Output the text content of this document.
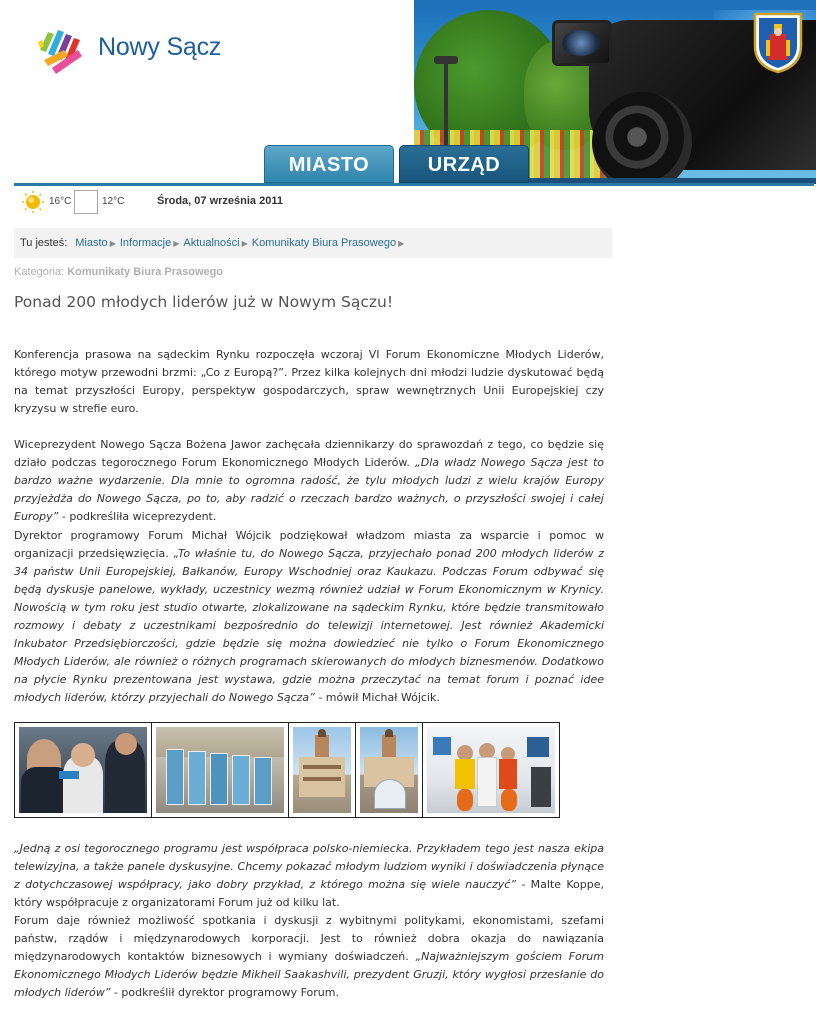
Nowy Sącz
MIASTO	URZĄD
16°C	12°C	Środa, 07 września 2011
Tu jesteś: Miasto ▶ Informacje ▶ Aktualności ▶ Komunikaty Biura Prasowego ▶
Kategoria: Komunikaty Biura Prasowego
Ponad 200 młodych liderów już w Nowym Sączu!
Konferencja prasowa na sądeckim Rynku rozpoczęła wczoraj VI Forum Ekonomiczne Młodych Liderów, którego motyw przewodni brzmi: „Co z Europą?”. Przez kilka kolejnych dni młodzi ludzie dyskutować będą na temat przyszłości Europy, perspektyw gospodarczych, spraw wewnętrznych Unii Europejskiej czy kryzysu w strefie euro.
Wiceprezydent Nowego Sącza Bożena Jawor zachęcała dziennikarzy do sprawozdań z tego, co będzie się działo podczas tegorocznego Forum Ekonomicznego Młodych Liderów. „Dla władz Nowego Sącza jest to bardzo ważne wydarzenie. Dla mnie to ogromna radość, że tylu młodych ludzi z wielu krajów Europy przyjeżdża do Nowego Sącza, po to, aby radzić o rzeczach bardzo ważnych, o przyszłości swojej i całej Europy” - podkreśliła wiceprezydent.
Dyrektor programowy Forum Michał Wójcik podziękował władzom miasta za wsparcie i pomoc w organizacji przedsięwzięcia. „To właśnie tu, do Nowego Sącza, przyjechało ponad 200 młodych liderów z 34 państw Unii Europejskiej, Bałkanów, Europy Wschodniej oraz Kaukazu. Podczas Forum odbywać się będą dyskusje panelowe, wykłady, uczestnicy wezmą również udział w Forum Ekonomicznym w Krynicy. Nowością w tym roku jest studio otwarte, zlokalizowane na sądeckim Rynku, które będzie transmitowało rozmowy i debaty z uczestnikami bezpośrednio do telewizji internetowej. Jest również Akademicki Inkubator Przedsiębiorczości, gdzie będzie się można dowiedzieć nie tylko o Forum Ekonomicznego Młodych Liderów, ale również o różnych programach skierowanych do młodych biznesmenów. Dodatkowo na płycie Rynku prezentowana jest wystawa, gdzie można przeczytać na temat forum i poznać idee młodych liderów, którzy przyjechali do Nowego Sącza” - mówił Michał Wójcik.
„Jedną z osi tegorocznego programu jest współpraca polsko-niemiecka. Przykładem tego jest nasza ekipa telewizyjna, a także panele dyskusyjne. Chcemy pokazać młodym ludziom wyniki i doświadczenia płynące z dotychczasowej współpracy, jako dobry przykład, z którego można się wiele nauczyć” - Malte Koppe, który współpracuje z organizatorami Forum już od kilku lat.
Forum daje również możliwość spotkania i dyskusji z wybitnymi politykami, ekonomistami, szefami państw, rządów i międzynarodowych korporacji. Jest to również dobra okazja do nawiązania międzynarodowych kontaktów biznesowych i wymiany doświadczeń. „Najważniejszym gościem Forum Ekonomicznego Młodych Liderów będzie Mikheil Saakashvili, prezydent Gruzji, który wygłosi przesłanie do młodych liderów” - podkreślił dyrektor programowy Forum.
